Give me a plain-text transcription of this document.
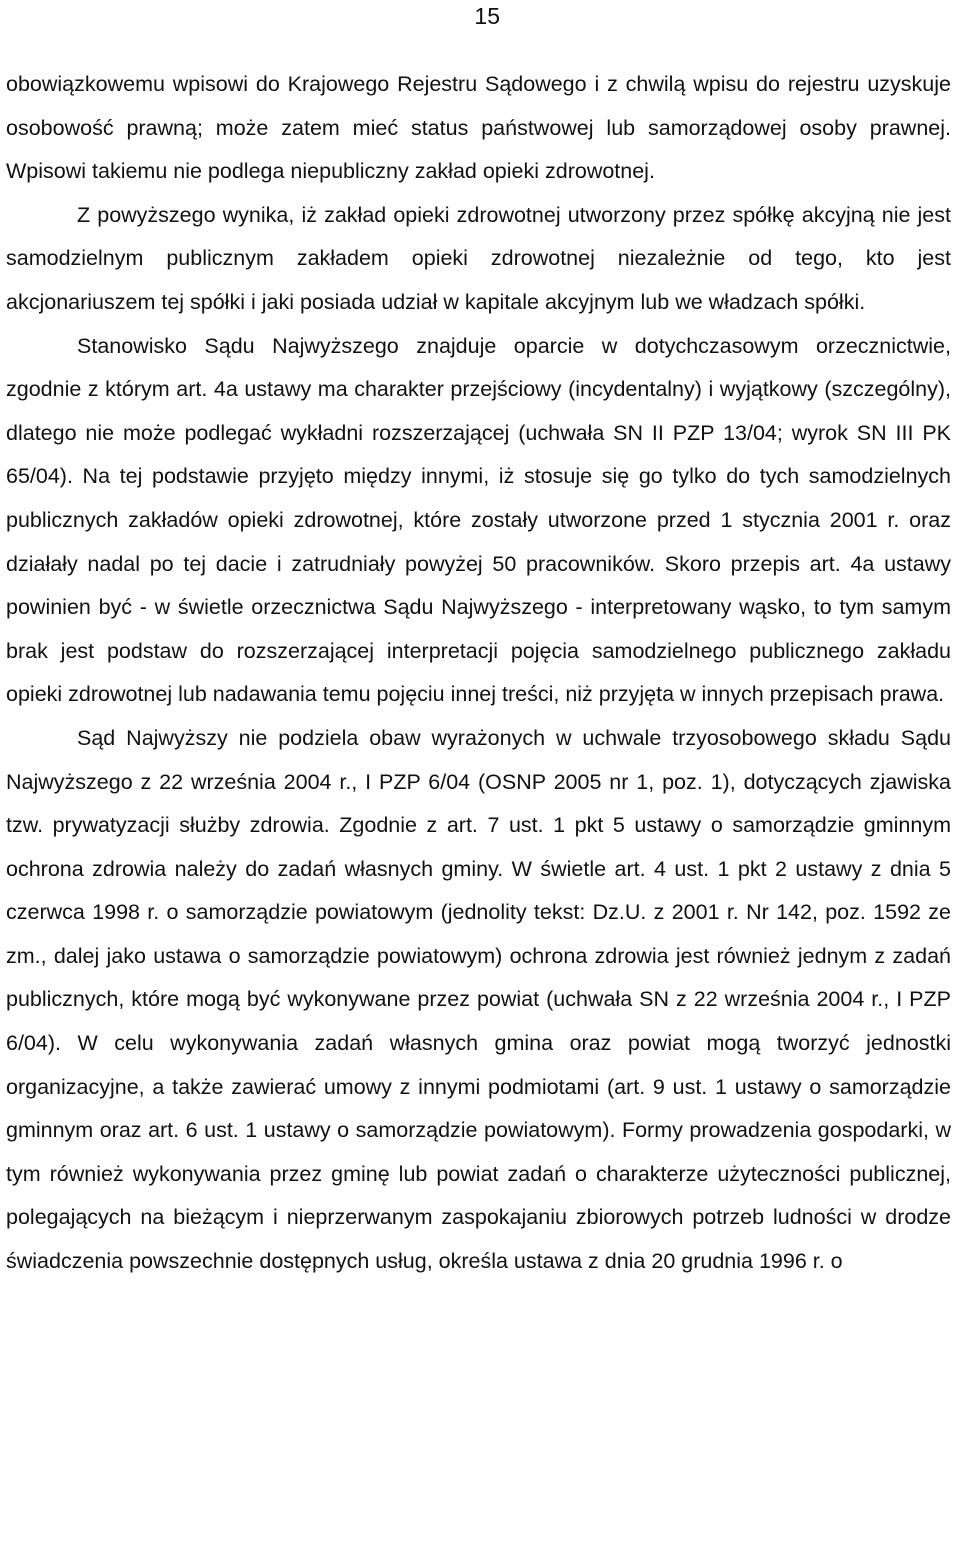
15

obowiązkowemu wpisowi do Krajowego Rejestru Sądowego i z chwilą wpisu do rejestru uzyskuje osobowość prawną; może zatem mieć status państwowej lub samorządowej osoby prawnej. Wpisowi takiemu nie podlega niepubliczny zakład opieki zdrowotnej.

Z powyższego wynika, iż zakład opieki zdrowotnej utworzony przez spółkę akcyjną nie jest samodzielnym publicznym zakładem opieki zdrowotnej niezależnie od tego, kto jest akcjonariuszem tej spółki i jaki posiada udział w kapitale akcyjnym lub we władzach spółki.

Stanowisko Sądu Najwyższego znajduje oparcie w dotychczasowym orzecznictwie, zgodnie z którym art. 4a ustawy ma charakter przejściowy (incydentalny) i wyjątkowy (szczególny), dlatego nie może podlegać wykładni rozszerzającej (uchwała SN II PZP 13/04; wyrok SN III PK 65/04). Na tej podstawie przyjęto między innymi, iż stosuje się go tylko do tych samodzielnych publicznych zakładów opieki zdrowotnej, które zostały utworzone przed 1 stycznia 2001 r. oraz działały nadal po tej dacie i zatrudniały powyżej 50 pracowników. Skoro przepis art. 4a ustawy powinien być - w świetle orzecznictwa Sądu Najwyższego - interpretowany wąsko, to tym samym brak jest podstaw do rozszerzającej interpretacji pojęcia samodzielnego publicznego zakładu opieki zdrowotnej lub nadawania temu pojęciu innej treści, niż przyjęta w innych przepisach prawa.

Sąd Najwyższy nie podziela obaw wyrażonych w uchwale trzyosobowego składu Sądu Najwyższego z 22 września 2004 r., I PZP 6/04 (OSNP 2005 nr 1, poz. 1), dotyczących zjawiska tzw. prywatyzacji służby zdrowia. Zgodnie z art. 7 ust. 1 pkt 5 ustawy o samorządzie gminnym ochrona zdrowia należy do zadań własnych gminy. W świetle art. 4 ust. 1 pkt 2 ustawy z dnia 5 czerwca 1998 r. o samorządzie powiatowym (jednolity tekst: Dz.U. z 2001 r. Nr 142, poz. 1592 ze zm., dalej jako ustawa o samorządzie powiatowym) ochrona zdrowia jest również jednym z zadań publicznych, które mogą być wykonywane przez powiat (uchwała SN z 22 września 2004 r., I PZP 6/04). W celu wykonywania zadań własnych gmina oraz powiat mogą tworzyć jednostki organizacyjne, a także zawierać umowy z innymi podmiotami (art. 9 ust. 1 ustawy o samorządzie gminnym oraz art. 6 ust. 1 ustawy o samorządzie powiatowym). Formy prowadzenia gospodarki, w tym również wykonywania przez gminę lub powiat zadań o charakterze użyteczności publicznej, polegających na bieżącym i nieprzerwanym zaspokajaniu zbiorowych potrzeb ludności w drodze świadczenia powszechnie dostępnych usług, określa ustawa z dnia 20 grudnia 1996 r. o
